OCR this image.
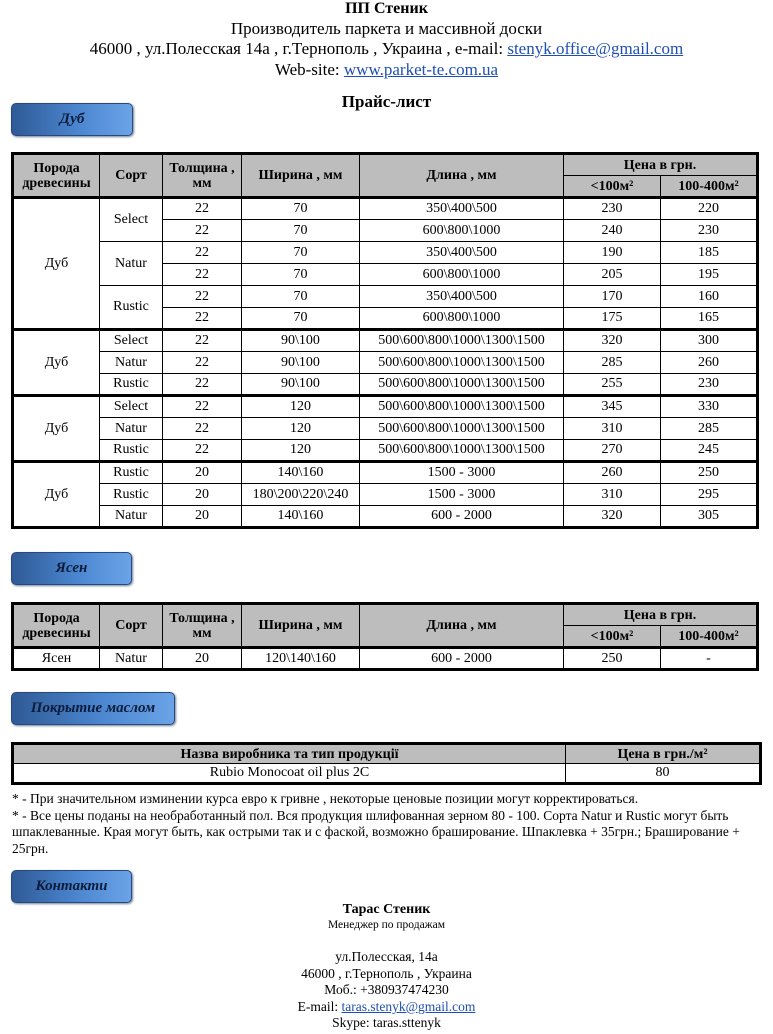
ПП Стеник
Производитель паркета и массивной доски
46000 , ул.Полесская 14а , г.Тернополь , Украина , e-mail: stenyk.office@gmail.com
Web-site: www.parket-te.com.ua
Прайс-лист
Дуб
Порода древесины	Сорт	Толщина , мм	Ширина , мм	Длина , мм	Цена в грн.	
					<100м²	100-400м²
Дуб	Select	22	70	350\400\500	230	220
		22	70	600\800\1000	240	230
	Natur	22	70	350\400\500	190	185
		22	70	600\800\1000	205	195
	Rustic	22	70	350\400\500	170	160
		22	70	600\800\1000	175	165
Дуб	Select	22	90\100	500\600\800\1000\1300\1500	320	300
	Natur	22	90\100	500\600\800\1000\1300\1500	285	260
	Rustic	22	90\100	500\600\800\1000\1300\1500	255	230
Дуб	Select	22	120	500\600\800\1000\1300\1500	345	330
	Natur	22	120	500\600\800\1000\1300\1500	310	285
	Rustic	22	120	500\600\800\1000\1300\1500	270	245
Дуб	Rustic	20	140\160	1500 - 3000	260	250
	Rustic	20	180\200\220\240	1500 - 3000	310	295
	Natur	20	140\160	600 - 2000	320	305
Ясен
Порода древесины	Сорт	Толщина , мм	Ширина , мм	Длина , мм	Цена в грн.	
					<100м²	100-400м²
Ясен	Natur	20	120\140\160	600 - 2000	250	-
Покрытие маслом
Назва виробника та тип продукції	Цена в грн./м²
Rubio Monocoat oil plus 2C	80
* - При значительном изминении курса евро к гривне , некоторые ценовые позиции могут корректироваться.
* - Все цены поданы на необработанный пол. Вся продукция шлифованная зерном 80 - 100. Сорта Natur и Rustic могут быть шпаклеванные. Края могут быть, как острыми так и с фаской, возможно браширование. Шпаклевка + 35грн.; Браширование + 25грн.
Контакти
Тарас Стеник
Менеджер по продажам
ул.Полесская, 14а
46000 , г.Тернополь , Украина
Моб.: +380937474230
E-mail: taras.stenyk@gmail.com
Skype: taras.sttenyk
